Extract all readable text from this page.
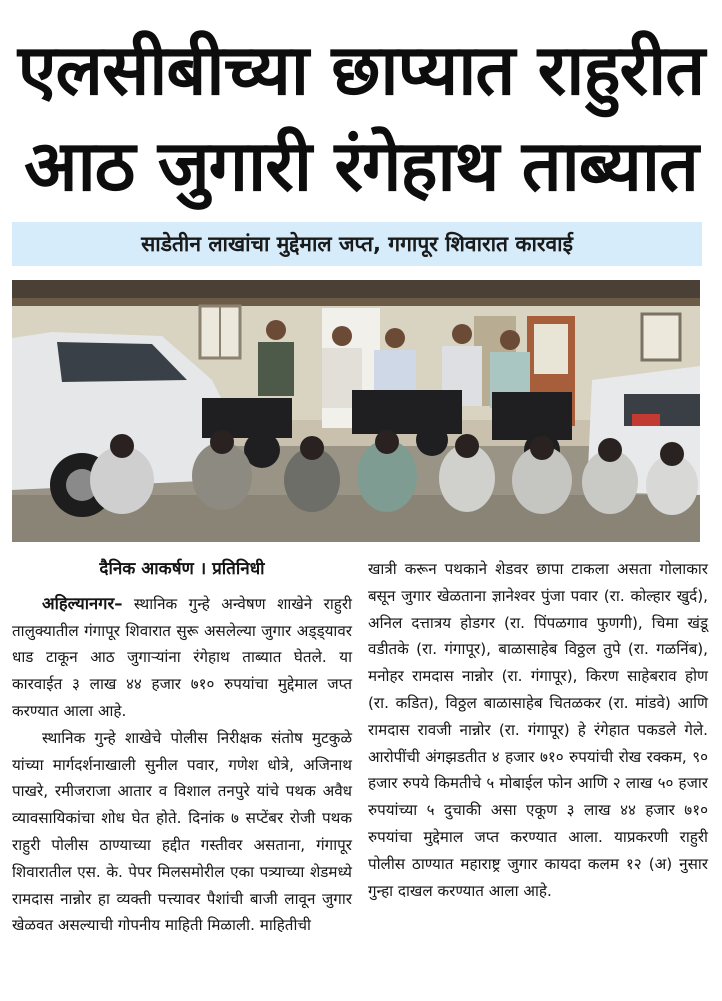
एलसीबीच्या छाप्यात राहुरीत
आठ जुगारी रंगेहाथ ताब्यात
साडेतीन लाखांचा मुद्देमाल जप्त, गगापूर शिवारात कारवाई
दैनिक आकर्षण । प्रतिनिधी

अहिल्यानगर– स्थानिक गुन्हे अन्वेषण शाखेने राहुरी तालुक्यातील गंगापूर शिवारात सुरू असलेल्या जुगार अड्ड्यावर धाड टाकून आठ जुगाऱ्यांना रंगेहाथ ताब्यात घेतले. या कारवाईत ३ लाख ४४ हजार ७१० रुपयांचा मुद्देमाल जप्त करण्यात आला आहे.

स्थानिक गुन्हे शाखेचे पोलीस निरीक्षक संतोष मुटकुळे यांच्या मार्गदर्शनाखाली सुनील पवार, गणेश धोत्रे, अजिनाथ पाखरे, रमीजराजा आतार व विशाल तनपुरे यांचे पथक अवैध व्यावसायिकांचा शोध घेत होते. दिनांक ७ सप्टेंबर रोजी पथक राहुरी पोलीस ठाण्याच्या हद्दीत गस्तीवर असताना, गंगापूर शिवारातील एस. के. पेपर मिलसमोरील एका पत्र्याच्या शेडमध्ये रामदास नान्नोर हा व्यक्ती पत्त्यावर पैशांची बाजी लावून जुगार खेळवत असल्याची गोपनीय माहिती मिळाली. माहितीची

खात्री करून पथकाने शेडवर छापा टाकला असता गोलाकार बसून जुगार खेळताना ज्ञानेश्वर पुंजा पवार (रा. कोल्हार खुर्द), अनिल दत्तात्रय होडगर (रा. पिंपळगाव फुणगी), चिमा खंडू वडीतके (रा. गंगापूर), बाळासाहेब विठ्ठल तुपे (रा. गळनिंब), मनोहर रामदास नान्नोर (रा. गंगापूर), किरण साहेबराव होण (रा. कडित), विठ्ठल बाळासाहेब चितळकर (रा. मांडवे) आणि रामदास रावजी नान्नोर (रा. गंगापूर) हे रंगेहात पकडले गेले. आरोपींची अंगझडतीत ४ हजार ७१० रुपयांची रोख रक्कम, ९० हजार रुपये किमतीचे ५ मोबाईल फोन आणि २ लाख ५० हजार रुपयांच्या ५ दुचाकी असा एकूण ३ लाख ४४ हजार ७१० रुपयांचा मुद्देमाल जप्त करण्यात आला. याप्रकरणी राहुरी पोलीस ठाण्यात महाराष्ट्र जुगार कायदा कलम १२ (अ) नुसार गुन्हा दाखल करण्यात आला आहे.
